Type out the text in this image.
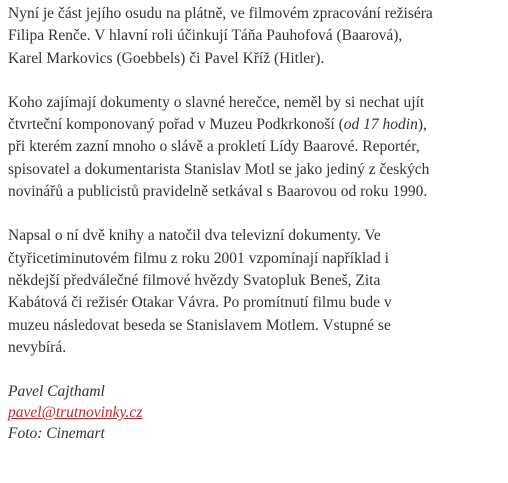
Nyní je část jejího osudu na plátně, ve filmovém zpracování režiséra
Filipa Renče. V hlavní roli účinkují Táňa Pauhofová (Baarová),
Karel Markovics (Goebbels) či Pavel Kříž (Hitler).

Koho zajímají dokumenty o slavné herečce, neměl by si nechat ujít
čtvrteční komponovaný pořad v Muzeu Podkrkonoší (od 17 hodin),
při kterém zazní mnoho o slávě a prokletí Lídy Baarové. Reportér,
spisovatel a dokumentarista Stanislav Motl se jako jediný z českých
novinářů a publicistů pravidelně setkával s Baarovou od roku 1990.

Napsal o ní dvě knihy a natočil dva televizní dokumenty. Ve
čtyřicetiminutovém filmu z roku 2001 vzpomínají například i
někdejší předválečné filmové hvězdy Svatopluk Beneš, Zita
Kabátová či režisér Otakar Vávra. Po promítnutí filmu bude v
muzeu následovat beseda se Stanislavem Motlem. Vstupné se
nevybírá.

Pavel Cajthaml
pavel@trutnovinky.cz
Foto: Cinemart
